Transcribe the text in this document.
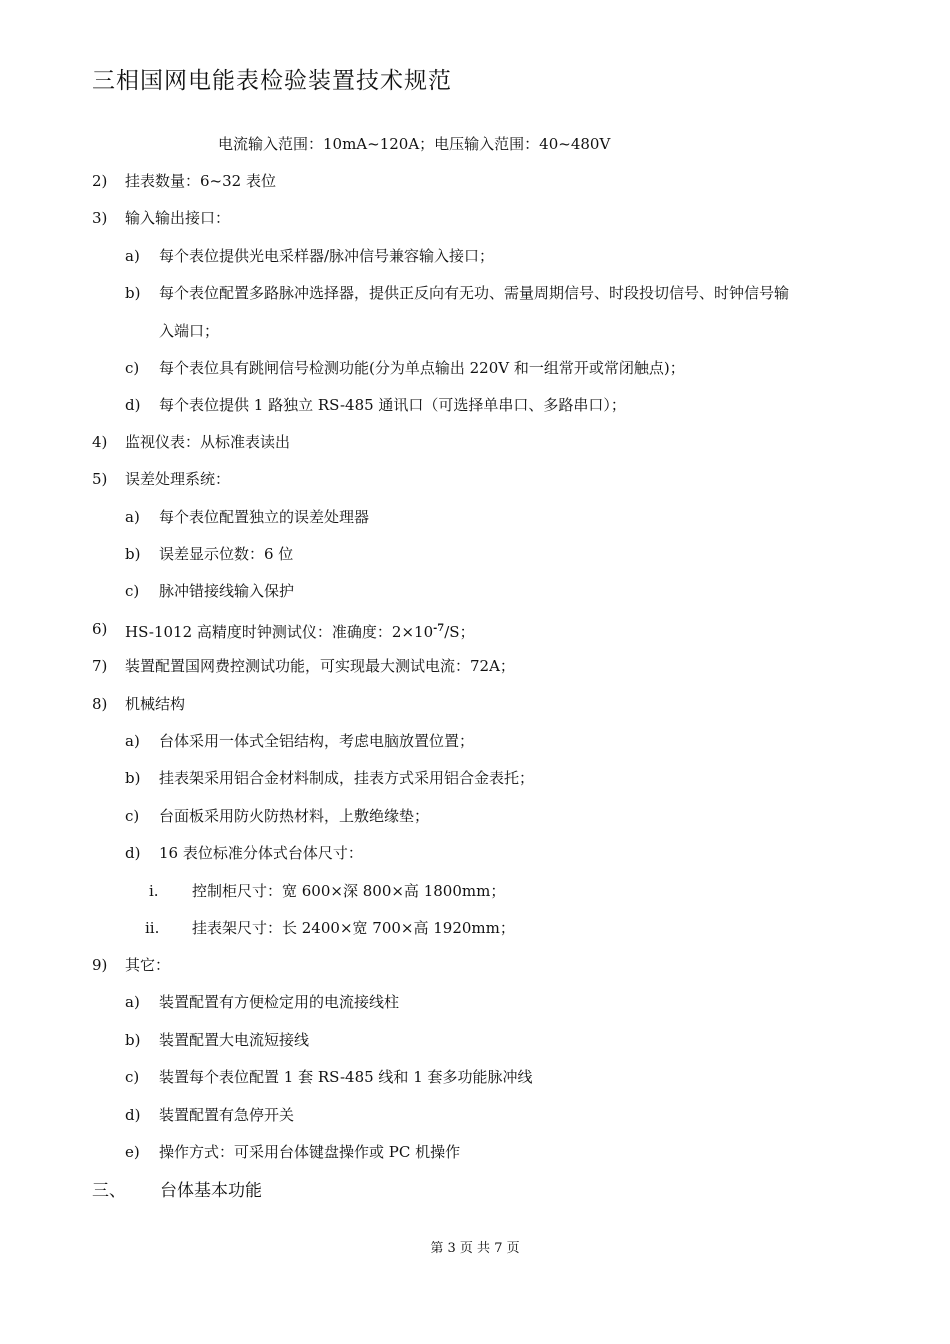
三相国网电能表检验装置技术规范
电流输入范围：10mA~120A；电压输入范围：40~480V
2) 挂表数量：6~32 表位
3) 输入输出接口：
a) 每个表位提供光电采样器/脉冲信号兼容输入接口；
b) 每个表位配置多路脉冲选择器，提供正反向有无功、需量周期信号、时段投切信号、时钟信号输
入端口；
c) 每个表位具有跳闸信号检测功能(分为单点输出 220V 和一组常开或常闭触点)；
d) 每个表位提供 1 路独立 RS-485 通讯口（可选择单串口、多路串口）；
4) 监视仪表：从标准表读出
5) 误差处理系统：
a) 每个表位配置独立的误差处理器
b) 误差显示位数：6 位
c) 脉冲错接线输入保护
6) HS-1012 高精度时钟测试仪：准确度：$2\times 10^{-7}/S$；
7) 装置配置国网费控测试功能，可实现最大测试电流：72A；
8) 机械结构
a) 台体采用一体式全铝结构，考虑电脑放置位置；
b) 挂表架采用铝合金材料制成，挂表方式采用铝合金表托；
c) 台面板采用防火防热材料，上敷绝缘垫；
d) 16 表位标准分体式台体尺寸：
i. 控制柜尺寸：宽 600×深 800×高 1800mm；
ii. 挂表架尺寸：长 2400×宽 700×高 1920mm；
9) 其它：
a) 装置配置有方便检定用的电流接线柱
b) 装置配置大电流短接线
c) 装置每个表位配置 1 套 RS-485 线和 1 套多功能脉冲线
d) 装置配置有急停开关
e) 操作方式：可采用台体键盘操作或 PC 机操作
三、 台体基本功能
第 3 页 共 7 页
